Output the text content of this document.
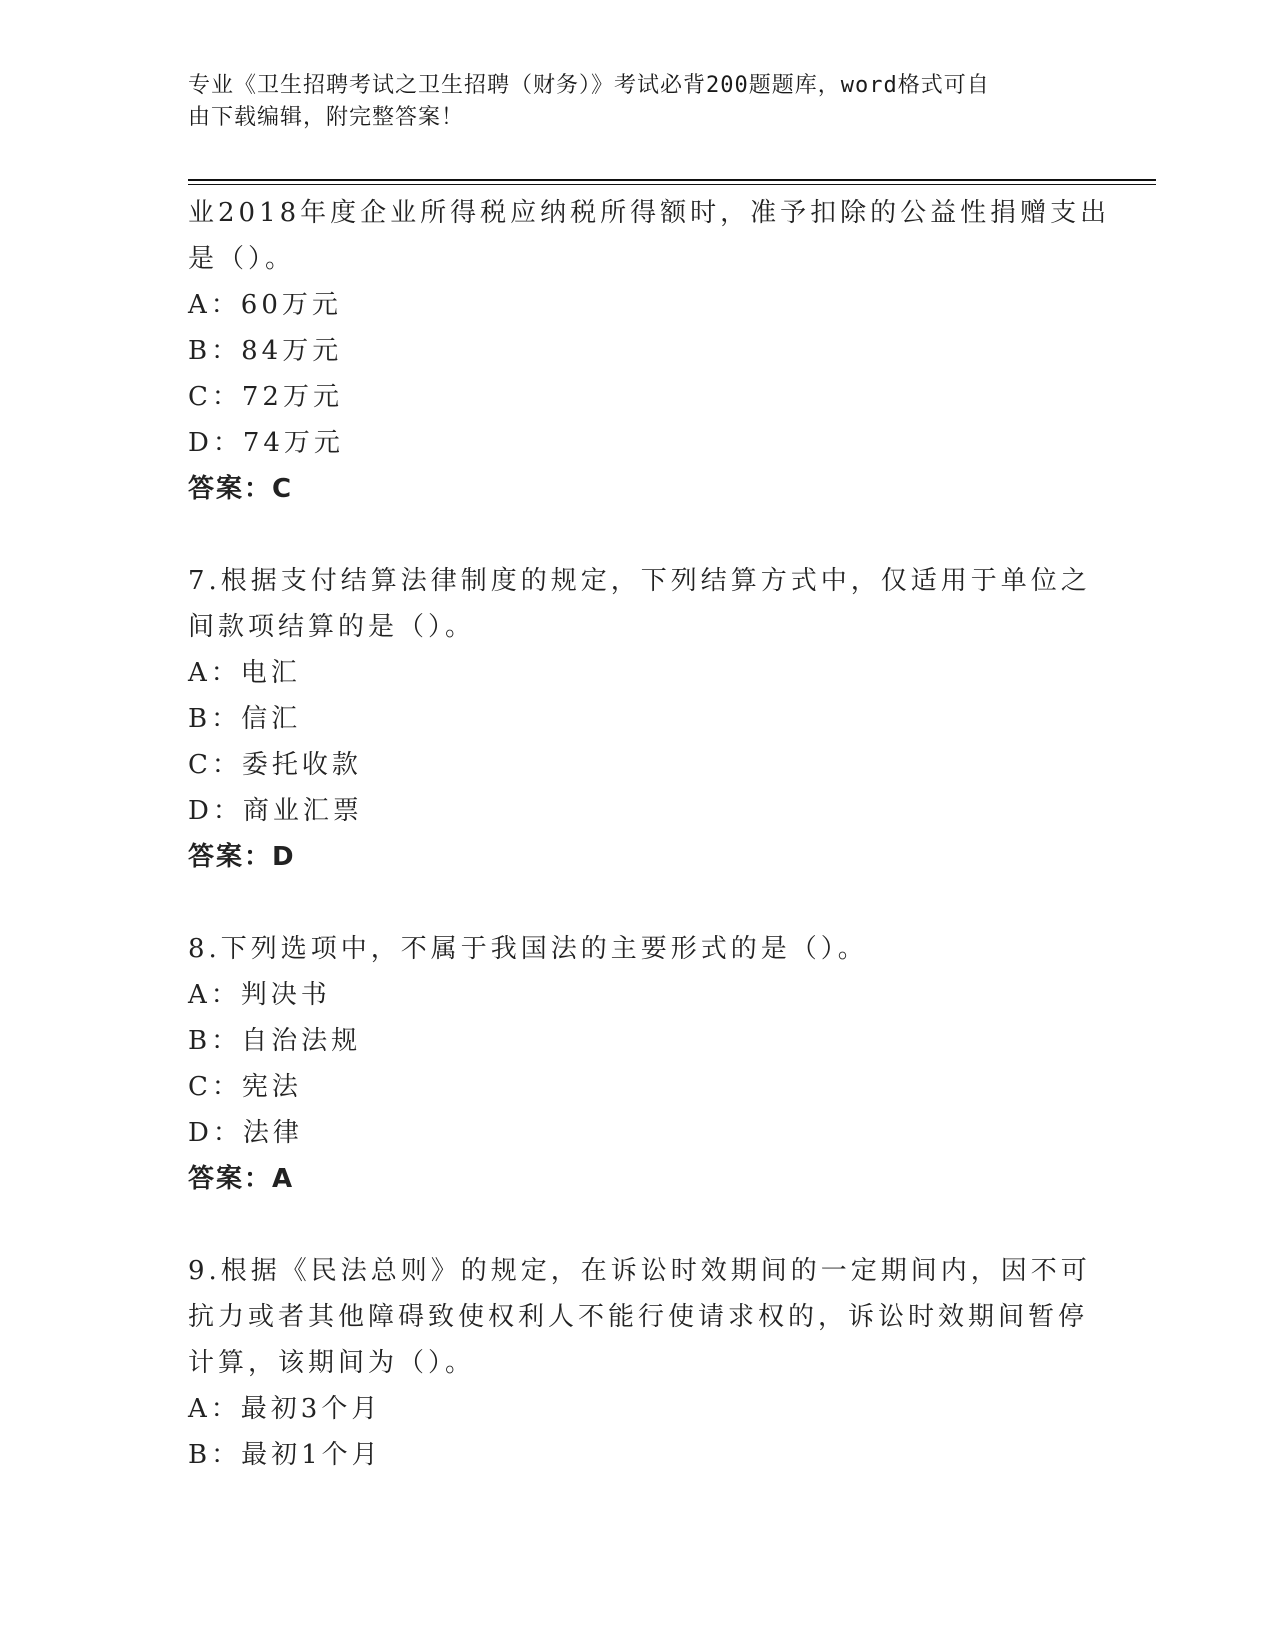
专业《卫生招聘考试之卫生招聘（财务）》考试必背200题题库，word格式可自
由下载编辑，附完整答案！
业2018年度企业所得税应纳税所得额时，准予扣除的公益性捐赠支出
是（）。
A：60万元
B：84万元
C：72万元
D：74万元
答案：C
7.根据支付结算法律制度的规定，下列结算方式中，仅适用于单位之
间款项结算的是（）。
A：电汇
B：信汇
C：委托收款
D：商业汇票
答案：D
8.下列选项中，不属于我国法的主要形式的是（）。
A：判决书
B：自治法规
C：宪法
D：法律
答案：A
9.根据《民法总则》的规定，在诉讼时效期间的一定期间内，因不可
抗力或者其他障碍致使权利人不能行使请求权的，诉讼时效期间暂停
计算，该期间为（）。
A：最初3个月
B：最初1个月
